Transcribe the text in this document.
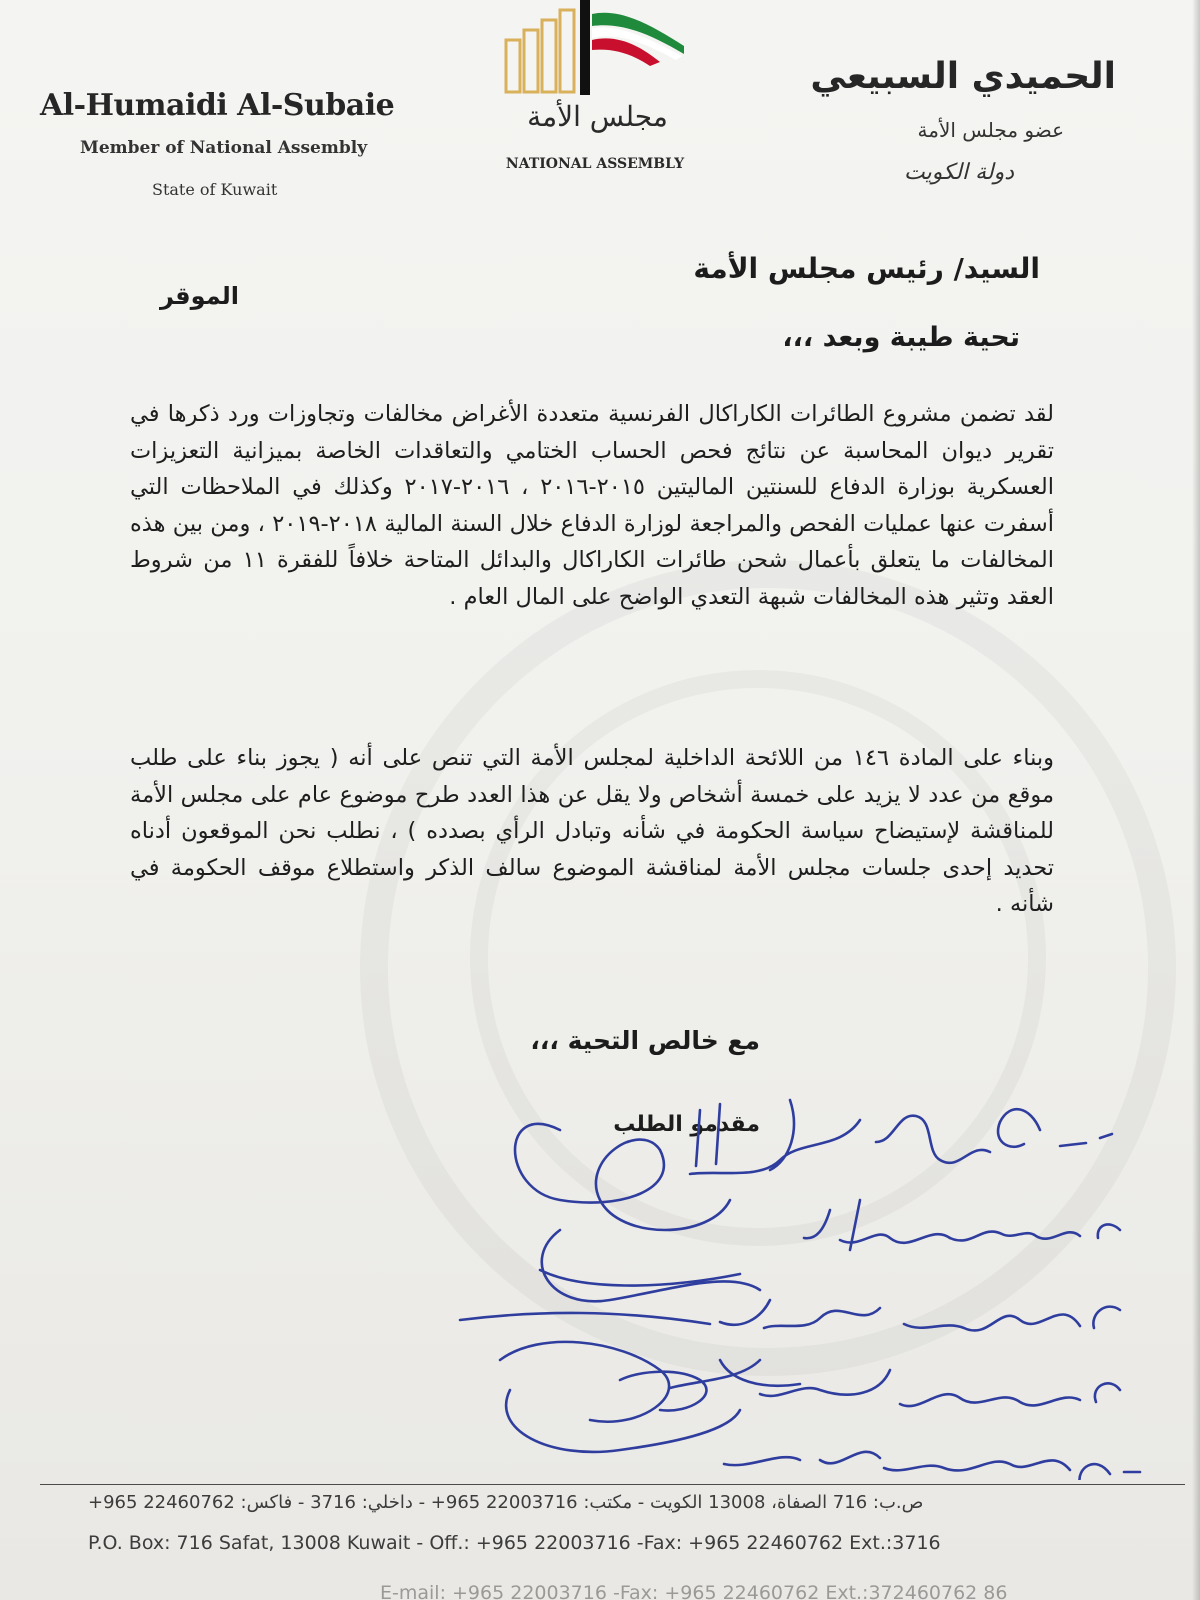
Al-Humaidi Al-Subaie
Member of National Assembly
State of Kuwait
الحميدي السبيعي
عضو مجلس الأمة
دولة الكويت
مجلس الأمة
NATIONAL ASSEMBLY
السيد/ رئيس مجلس الأمة
الموقر
تحية طيبة وبعد ،،،
لقد تضمن مشروع الطائرات الكاراكال الفرنسية متعددة الأغراض مخالفات وتجاوزات ورد ذكرها في تقرير ديوان المحاسبة عن نتائج فحص الحساب الختامي والتعاقدات الخاصة بميزانية التعزيزات العسكرية بوزارة الدفاع للسنتين الماليتين ٢٠١٥-٢٠١٦ ، ٢٠١٦-٢٠١٧ وكذلك في الملاحظات التي أسفرت عنها عمليات الفحص والمراجعة لوزارة الدفاع خلال السنة المالية ٢٠١٨-٢٠١٩ ، ومن بين هذه المخالفات ما يتعلق بأعمال شحن طائرات الكاراكال والبدائل المتاحة خلافاً للفقرة ١١ من شروط العقد وتثير هذه المخالفات شبهة التعدي الواضح على المال العام .
وبناء على المادة ١٤٦ من اللائحة الداخلية لمجلس الأمة التي تنص على أنه ( يجوز بناء على طلب موقع من عدد لا يزيد على خمسة أشخاص ولا يقل عن هذا العدد طرح موضوع عام على مجلس الأمة للمناقشة لإستيضاح سياسة الحكومة في شأنه وتبادل الرأي بصدده ) ، نطلب نحن الموقعون أدناه تحديد إحدى جلسات مجلس الأمة لمناقشة الموضوع سالف الذكر واستطلاع موقف الحكومة في شأنه .
مع خالص التحية ،،،
مقدمو الطلب
ص.ب: 716 الصفاة، 13008 الكويت - مكتب: 22003716 965+ - داخلي: 3716 - فاكس: 22460762 965+
P.O. Box: 716 Safat, 13008 Kuwait - Off.: +965 22003716 -Fax: +965 22460762 Ext.:3716
E-mail: +965 22003716 -Fax: +965 22460762 Ext.:372460762 86
